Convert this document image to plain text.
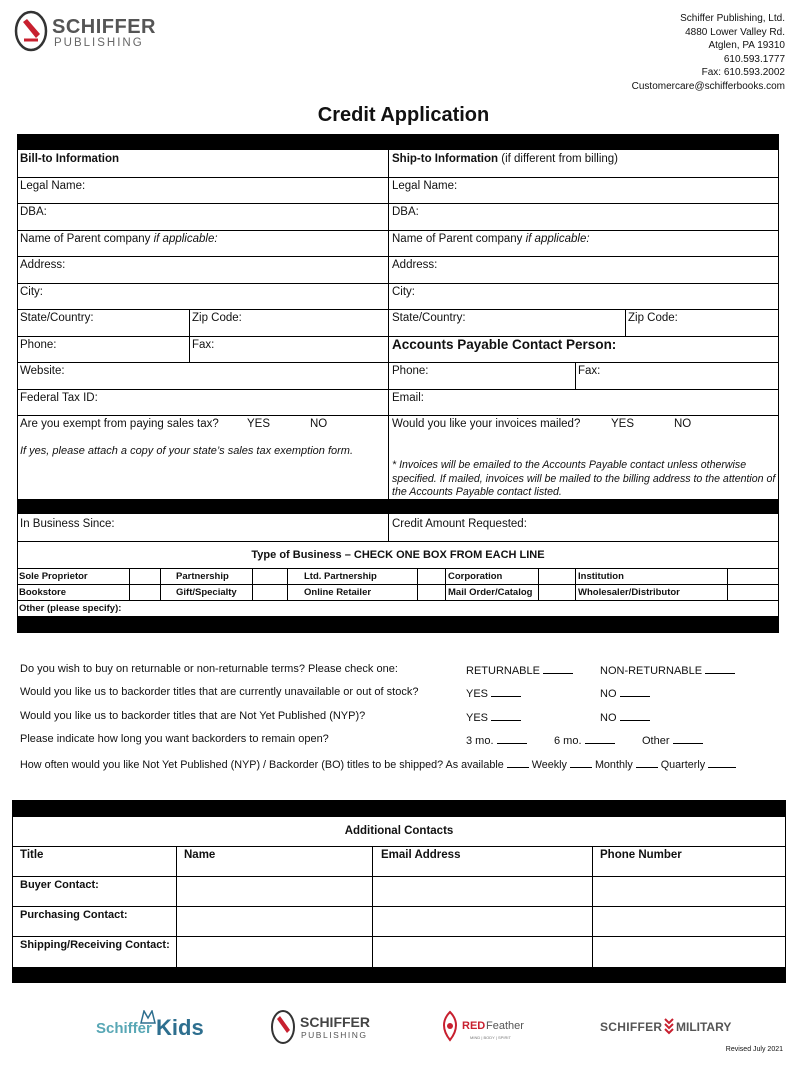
SCHIFFER
PUBLISHING
Schiffer Publishing, Ltd.
4880 Lower Valley Rd.
Atglen, PA 19310
610.593.1777
Fax: 610.593.2002
Customercare@schifferbooks.com
Credit Application
Bill-to Information
Legal Name:
DBA:
Name of Parent company if applicable:
Address:
City:
State/Country:	Zip Code:
Phone:	Fax:
Website:
Federal Tax ID:
Are you exempt from paying sales tax? YES	NO
If yes, please attach a copy of your state’s sales tax exemption form.
Ship-to Information (if different from billing)
Legal Name:
DBA:
Name of Parent company if applicable:
Address:
City:
State/Country:	Zip Code:
Accounts Payable Contact Person:
Phone:	Fax:
Email:
Would you like your invoices mailed?	YES	NO
* Invoices will be emailed to the Accounts Payable contact unless otherwise specified. If mailed, invoices will be mailed to the billing address to the attention of the Accounts Payable contact listed.
In Business Since:	Credit Amount Requested:
Type of Business – CHECK ONE BOX FROM EACH LINE
Sole Proprietor	Partnership	Ltd. Partnership	Corporation	Institution
Bookstore	Gift/Specialty	Online Retailer	Mail Order/Catalog	Wholesaler/Distributor
Other (please specify):
Do you wish to buy on returnable or non-returnable terms? Please check one:	RETURNABLE	NON-RETURNABLE
Would you like us to backorder titles that are currently unavailable or out of stock?	YES	NO
Would you like us to backorder titles that are Not Yet Published (NYP)?	YES	NO
Please indicate how long you want backorders to remain open?	3 mo.	6 mo.	Other
How often would you like Not Yet Published (NYP) / Backorder (BO) titles to be shipped? As available	Weekly	Monthly	Quarterly
Additional Contacts
Title	Name	Email Address	Phone Number
Buyer Contact:
Purchasing Contact:
Shipping/Receiving Contact:
Schiffer Kids	SCHIFFER
PUBLISHING
RED Feather
MIND | BODY | SPIRIT
SCHIFFER MILITARY
Revised July 2021
